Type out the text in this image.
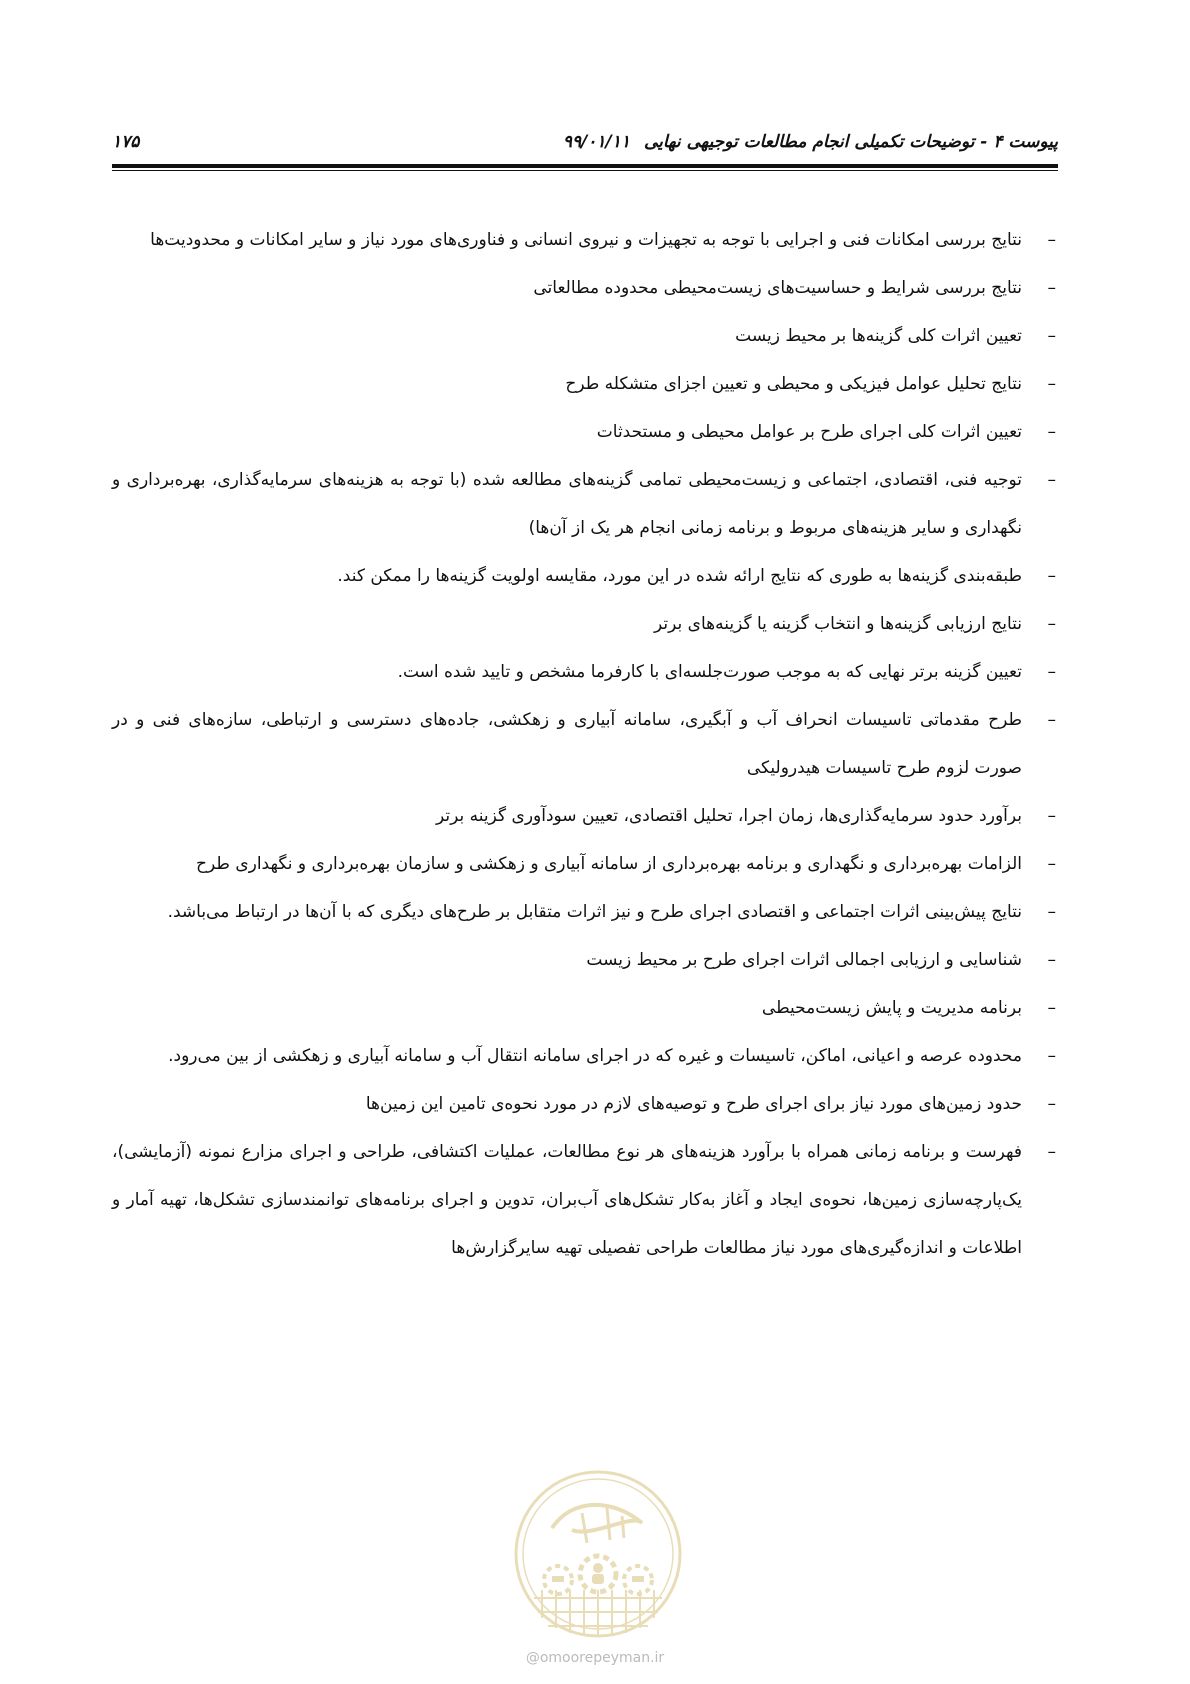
پیوست ۴ - توضیحات تکمیلی انجام مطالعات توجیهی نهایی۹۹/۰۱/۱۱
۱۷۵
–
نتایج بررسی امکانات فنی و اجرایی با توجه به تجهیزات و نیروی انسانی و فناوری‌های مورد نیاز و سایر امکانات و محدودیت‌ها
–
نتایج بررسی شرایط و حساسیت‌های زیست‌محیطی محدوده مطالعاتی
–
تعیین اثرات کلی گزینه‌ها بر محیط زیست
–
نتایج تحلیل عوامل فیزیکی و محیطی و تعیین اجزای متشکله طرح
–
تعیین اثرات کلی اجرای طرح بر عوامل محیطی و مستحدثات
–
توجیه فنی، اقتصادی، اجتماعی و زیست‌محیطی تمامی گزینه‌های مطالعه شده (با توجه به هزینه‌های سرمایه‌گذاری، بهره‌برداری و نگهداری و سایر هزینه‌های مربوط و برنامه زمانی انجام هر یک از آن‌ها)
–
طبقه‌بندی گزینه‌ها به طوری که نتایج ارائه شده در این مورد، مقایسه اولویت گزینه‌ها را ممکن کند.
–
نتایج ارزیابی گزینه‌ها و انتخاب گزینه یا گزینه‌های برتر
–
تعیین گزینه برتر نهایی که به موجب صورت‌جلسه‌ای با کارفرما مشخص و تایید شده است.
–
طرح مقدماتی تاسیسات انحراف آب و آبگیری، سامانه آبیاری و زهکشی، جاده‌های دسترسی و ارتباطی، سازه‌های فنی و در صورت لزوم طرح تاسیسات هیدرولیکی
–
برآورد حدود سرمایه‌گذاری‌ها، زمان اجرا، تحلیل اقتصادی، تعیین سودآوری گزینه برتر
–
الزامات بهره‌برداری و نگهداری و برنامه بهره‌برداری از سامانه آبیاری و زهکشی و سازمان بهره‌برداری و نگهداری طرح
–
نتایج پیش‌بینی اثرات اجتماعی و اقتصادی اجرای طرح و نیز اثرات متقابل بر طرح‌های دیگری که با آن‌ها در ارتباط می‌باشد.
–
شناسایی و ارزیابی اجمالی اثرات اجرای طرح بر محیط زیست
–
برنامه مدیریت و پایش زیست‌محیطی
–
محدوده عرصه و اعیانی، اماکن، تاسیسات و غیره که در اجرای سامانه انتقال آب و سامانه آبیاری و زهکشی از بین می‌رود.
–
حدود زمین‌های مورد نیاز برای اجرای طرح و توصیه‌های لازم در مورد نحوه‌ی تامین این زمین‌ها
–
فهرست و برنامه زمانی همراه با برآورد هزینه‌های هر نوع مطالعات، عملیات اکتشافی، طراحی و اجرای مزارع نمونه (آزمایشی)، یک‌پارچه‌سازی زمین‌ها، نحوه‌ی ایجاد و آغاز به‌کار تشکل‌های آب‌بران، تدوین و اجرای برنامه‌های توانمندسازی تشکل‌ها، تهیه آمار و اطلاعات و اندازه‌گیری‌های مورد نیاز مطالعات طراحی تفصیلی تهیه سایرگزارش‌ها
@omoorepeyman.ir
